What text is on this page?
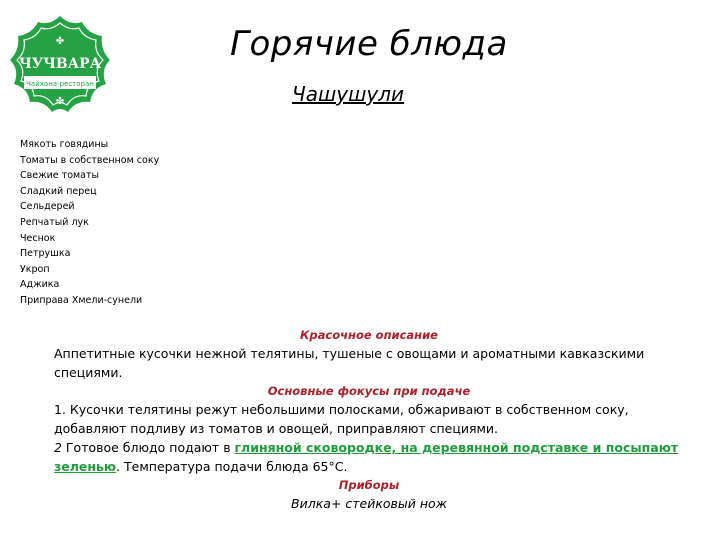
✤
ЧУЧВАРА
Чайхана-ресторан
✤
Горячие блюда
Чашушули
Мякоть говядины
Томаты в собственном соку
Свежие томаты
Сладкий перец
Сельдерей
Репчатый лук
Чеснок
Петрушка
Укроп
Аджика
Приправа Хмели-сунели
Красочное описание

Аппетитные кусочки нежной телятины, тушеные с овощами и ароматными кавказскими специями.

Основные фокусы при подаче

1. Кусочки телятины режут небольшими полосками, обжаривают в собственном соку, добавляют подливу из томатов и овощей, приправляют специями.

2 Готовое блюдо подают в глиняной сковородке, на деревянной подставке и посыпают зеленью. Температура подачи блюда 65°С.

Приборы

Вилка+ стейковый нож
